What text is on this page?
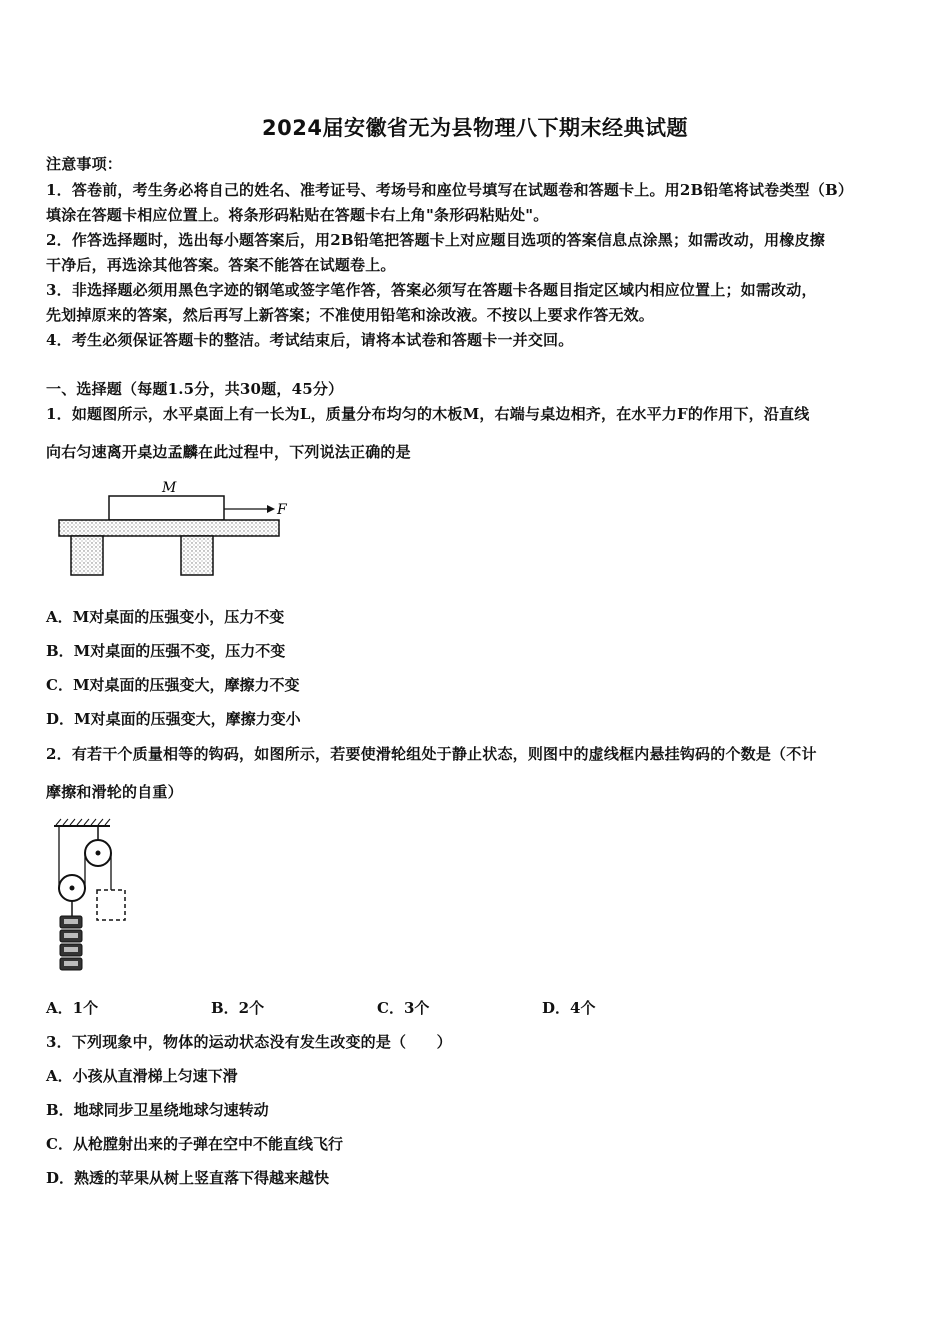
2024届安徽省无为县物理八下期末经典试题
注意事项：
1．答卷前，考生务必将自己的姓名、准考证号、考场号和座位号填写在试题卷和答题卡上。用2B铅笔将试卷类型（B）
填涂在答题卡相应位置上。将条形码粘贴在答题卡右上角"条形码粘贴处"。
2．作答选择题时，选出每小题答案后，用2B铅笔把答题卡上对应题目选项的答案信息点涂黑；如需改动，用橡皮擦
干净后，再选涂其他答案。答案不能答在试题卷上。
3．非选择题必须用黑色字迹的钢笔或签字笔作答，答案必须写在答题卡各题目指定区域内相应位置上；如需改动，
先划掉原来的答案，然后再写上新答案；不准使用铅笔和涂改液。不按以上要求作答无效。
4．考生必须保证答题卡的整洁。考试结束后，请将本试卷和答题卡一并交回。
一、选择题（每题1.5分，共30题，45分）
1．如题图所示，水平桌面上有一长为L，质量分布均匀的木板M，右端与桌边相齐，在水平力F的作用下，沿直线
向右匀速离开桌边孟麟在此过程中，下列说法正确的是
M
F
A．M对桌面的压强变小，压力不变
B．M对桌面的压强不变，压力不变
C．M对桌面的压强变大，摩擦力不变
D．M对桌面的压强变大，摩擦力变小
2．有若干个质量相等的钩码，如图所示，若要使滑轮组处于静止状态，则图中的虚线框内悬挂钩码的个数是（不计
摩擦和滑轮的自重）
A．1个	B．2个	C．3个	D．4个
3．下列现象中，物体的运动状态没有发生改变的是（　　）
A．小孩从直滑梯上匀速下滑
B．地球同步卫星绕地球匀速转动
C．从枪膛射出来的子弹在空中不能直线飞行
D．熟透的苹果从树上竖直落下得越来越快
